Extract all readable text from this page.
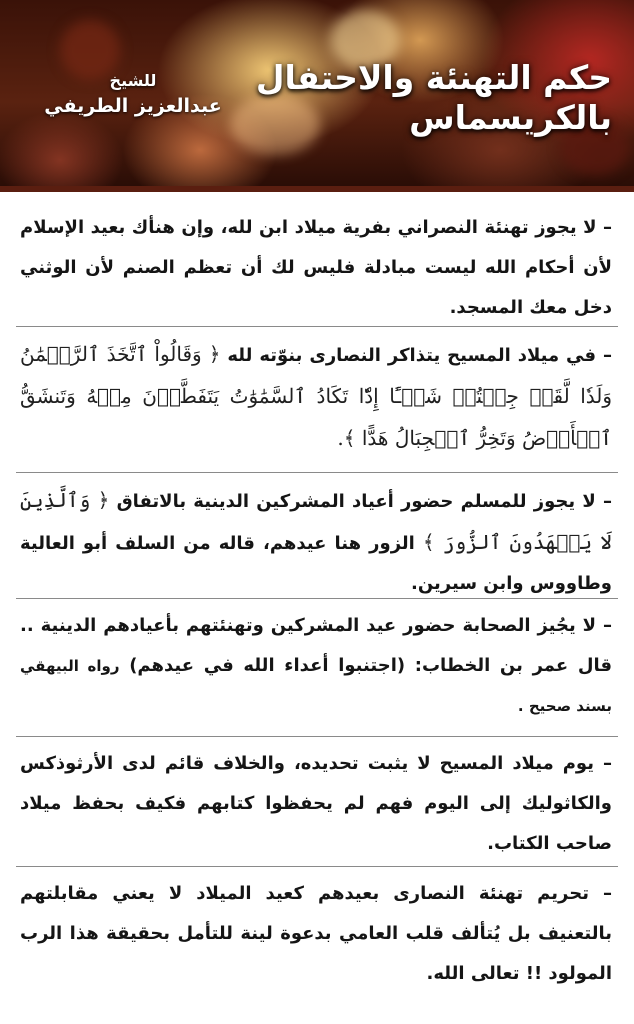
حكم التهنئة والاحتفال بالكريسماس
للشيخ
عبدالعزيز الطريفي

– لا يجوز تهنئة النصراني بفرية ميلاد ابن لله، وإن هنأك بعيد الإسلام لأن أحكام الله ليست مبادلة فليس لك أن تعظم الصنم لأن الوثني دخل معك المسجد.

– في ميلاد المسيح يتذاكر النصارى بنوّته لله ﴿ وَقَالُواْ ٱتَّخَذَ ٱلرَّحۡمَٰنُ وَلَدٗا لَّقَدۡ جِئۡتُمۡ شَيۡـًٔا إِدّٗا تَكَادُ ٱلسَّمَٰوَٰتُ يَتَفَطَّرۡنَ مِنۡهُ وَتَنشَقُّ ٱلۡأَرۡضُ وَتَخِرُّ ٱلۡجِبَالُ هَدًّا ﴾.

– لا يجوز للمسلم حضور أعياد المشركين الدينية بالاتفاق ﴿ وَٱلَّذِينَ لَا يَشۡهَدُونَ ٱلزُّورَ ﴾ الزور هنا عيدهم، قاله من السلف أبو العالية وطاووس وابن سيرين.

– لا يجُيز الصحابة حضور عيد المشركين وتهنئتهم بأعيادهم الدينية .. قال عمر بن الخطاب: (اجتنبوا أعداء الله في عيدهم) رواه البيهقي بسند صحيح .

– يوم ميلاد المسيح لا يثبت تحديده، والخلاف قائم لدى الأرثوذكس والكاثوليك إلى اليوم فهم لم يحفظوا كتابهم فكيف بحفظ ميلاد صاحب الكتاب.

– تحريم تهنئة النصارى بعيدهم كعيد الميلاد لا يعني مقابلتهم بالتعنيف بل يُتألف قلب العامي بدعوة لينة للتأمل بحقيقة هذا الرب المولود !! تعالى الله.
